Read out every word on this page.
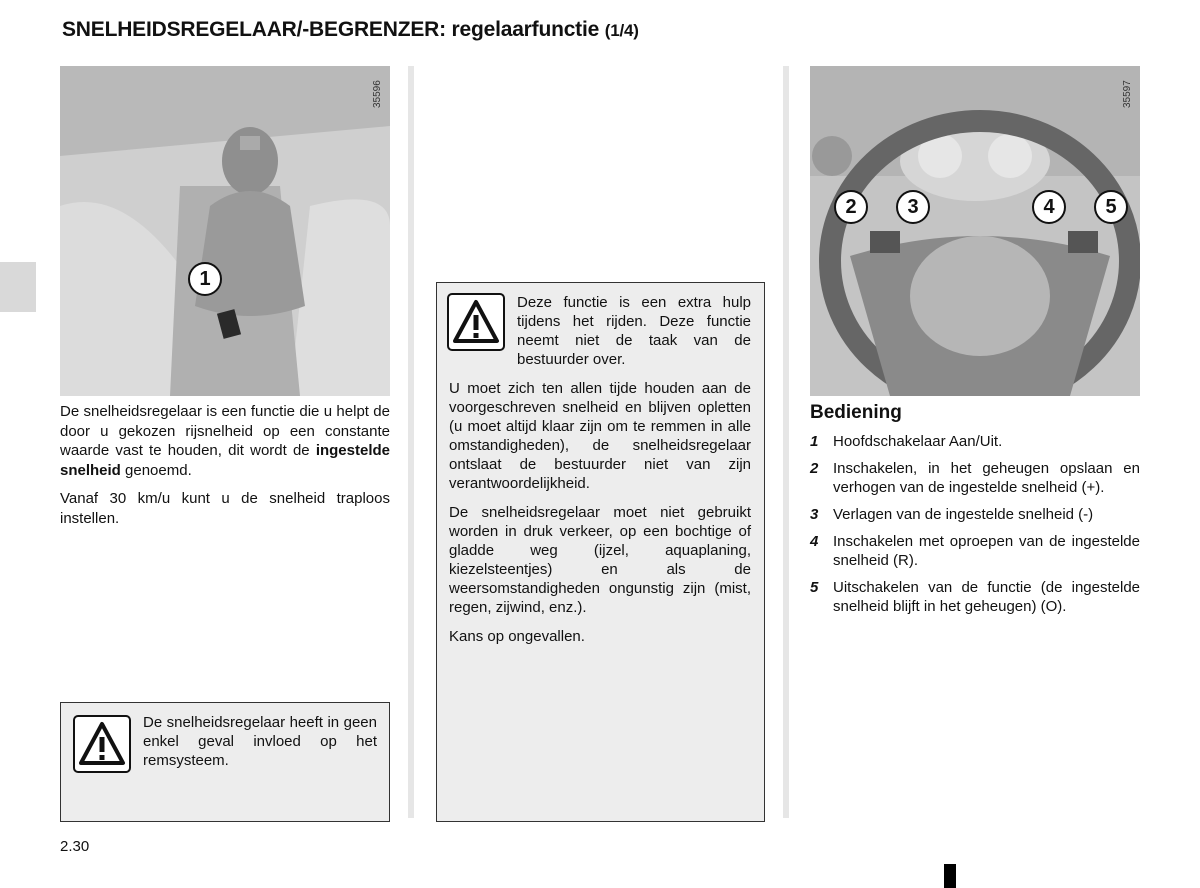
SNELHEIDSREGELAAR/-BEGRENZER: regelaarfunctie (1/4)
35596
1
35597
2	3	4	5

De snelheidsregelaar is een functie die u helpt de door u gekozen rijsnelheid op een constante waarde vast te houden, dit wordt de ingestelde snelheid genoemd.

Vanaf 30 km/u kunt u de snelheid traploos instellen.

De snelheidsregelaar heeft in geen enkel geval invloed op het remsysteem.
Deze functie is een extra hulp tijdens het rijden. Deze functie neemt niet de taak van de bestuurder over.

U moet zich ten allen tijde houden aan de voorgeschreven snelheid en blijven opletten (u moet altijd klaar zijn om te remmen in alle omstandigheden), de snelheidsregelaar ontslaat de bestuurder niet van zijn verantwoordelijkheid.

De snelheidsregelaar moet niet gebruikt worden in druk verkeer, op een bochtige of gladde weg (ijzel, aquaplaning, kiezelsteentjes) en als de weersomstandigheden ongunstig zijn (mist, regen, zijwind, enz.).

Kans op ongevallen.

Bediening
1 Hoofdschakelaar Aan/Uit.
2 Inschakelen, in het geheugen opslaan en verhogen van de ingestelde snelheid (+).
3 Verlagen van de ingestelde snelheid (-)
4 Inschakelen met oproepen van de ingestelde snelheid (R).
5 Uitschakelen van de functie (de ingestelde snelheid blijft in het geheugen) (O).
2.30
